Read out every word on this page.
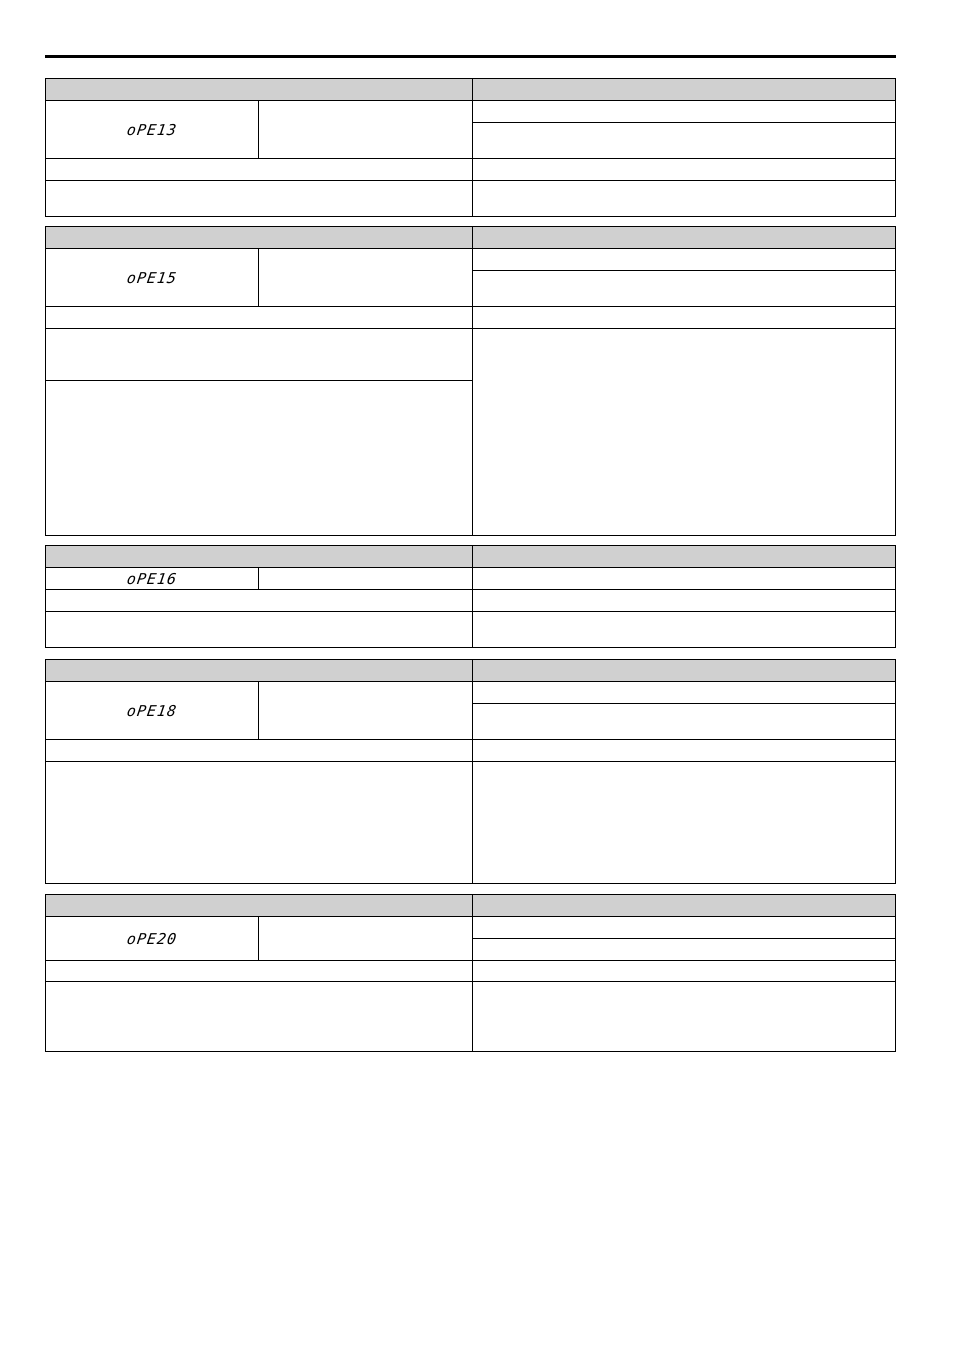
oPE13
oPE15
oPE16
oPE18
oPE20
